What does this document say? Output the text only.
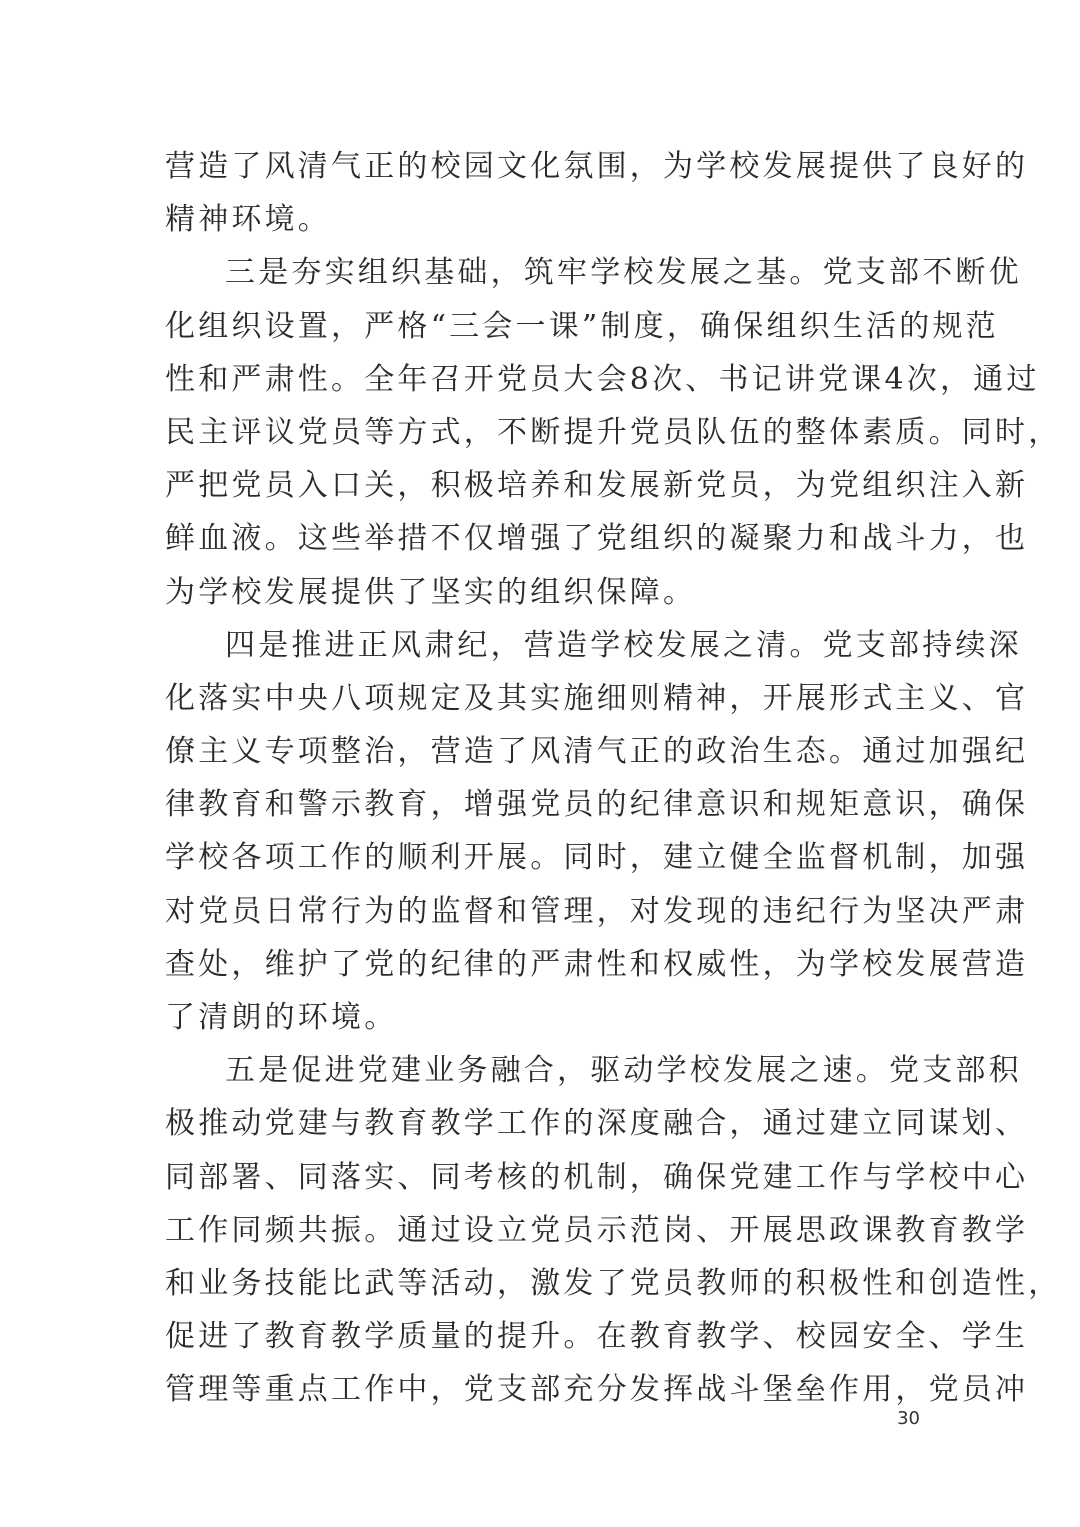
营造了风清气正的校园文化氛围，为学校发展提供了良好的
精神环境。
三是夯实组织基础，筑牢学校发展之基。党支部不断优
化组织设置，严格“三会一课”制度，确保组织生活的规范
性和严肃性。全年召开党员大会8次、书记讲党课4次，通过
民主评议党员等方式，不断提升党员队伍的整体素质。同时，
严把党员入口关，积极培养和发展新党员，为党组织注入新
鲜血液。这些举措不仅增强了党组织的凝聚力和战斗力，也
为学校发展提供了坚实的组织保障。
四是推进正风肃纪，营造学校发展之清。党支部持续深
化落实中央八项规定及其实施细则精神，开展形式主义、官
僚主义专项整治，营造了风清气正的政治生态。通过加强纪
律教育和警示教育，增强党员的纪律意识和规矩意识，确保
学校各项工作的顺利开展。同时，建立健全监督机制，加强
对党员日常行为的监督和管理，对发现的违纪行为坚决严肃
查处，维护了党的纪律的严肃性和权威性，为学校发展营造
了清朗的环境。
五是促进党建业务融合，驱动学校发展之速。党支部积
极推动党建与教育教学工作的深度融合，通过建立同谋划、
同部署、同落实、同考核的机制，确保党建工作与学校中心
工作同频共振。通过设立党员示范岗、开展思政课教育教学
和业务技能比武等活动，激发了党员教师的积极性和创造性，
促进了教育教学质量的提升。在教育教学、校园安全、学生
管理等重点工作中，党支部充分发挥战斗堡垒作用，党员冲
30
